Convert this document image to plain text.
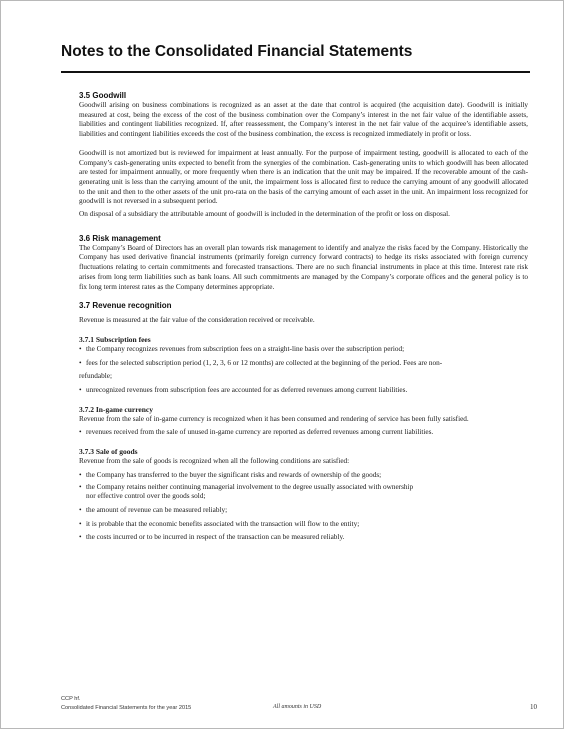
Notes to the Consolidated Financial Statements

3.5 Goodwill

Goodwill arising on business combinations is recognized as an asset at the date that control is acquired (the acquisition date). Goodwill is initially measured at cost, being the excess of the cost of the business combination over the Company’s interest in the net fair value of the identifiable assets, liabilities and contingent liabilities recognized. If, after reassessment, the Company’s interest in the net fair value of the acquiree’s identifiable assets, liabilities and contingent liabilities exceeds the cost of the business combination, the excess is recognized immediately in profit or loss.

Goodwill is not amortized but is reviewed for impairment at least annually. For the purpose of impairment testing, goodwill is allocated to each of the Company’s cash-generating units expected to benefit from the synergies of the combination. Cash-generating units to which goodwill has been allocated are tested for impairment annually, or more frequently when there is an indication that the unit may be impaired. If the recoverable amount of the cash-generating unit is less than the carrying amount of the unit, the impairment loss is allocated first to reduce the carrying amount of any goodwill allocated to the unit and then to the other assets of the unit pro-rata on the basis of the carrying amount of each asset in the unit. An impairment loss recognized for goodwill is not reversed in a subsequent period.

On disposal of a subsidiary the attributable amount of goodwill is included in the determination of the profit or loss on disposal.

3.6 Risk management

The Company’s Board of Directors has an overall plan towards risk management to identify and analyze the risks faced by the Company. Historically the Company has used derivative financial instruments (primarily foreign currency forward contracts) to hedge its risks associated with foreign currency fluctuations relating to certain commitments and forecasted transactions. There are no such financial instruments in place at this time. Interest rate risk arises from long term liabilities such as bank loans. All such commitments are managed by the Company’s corporate offices and the general policy is to fix long term interest rates as the Company determines appropriate.

3.7 Revenue recognition

Revenue is measured at the fair value of the consideration received or receivable.

3.7.1 Subscription fees

• the Company recognizes revenues from subscription fees on a straight-line basis over the subscription period;

• fees for the selected subscription period (1, 2, 3, 6 or 12 months) are collected at the beginning of the period. Fees are non-
refundable;

• unrecognized revenues from subscription fees are accounted for as deferred revenues among current liabilities.

3.7.2 In-game currency

Revenue from the sale of in-game currency is recognized when it has been consumed and rendering of service has been fully satisfied.

• revenues received from the sale of unused in-game currency are reported as deferred revenues among current liabilities.

3.7.3 Sale of goods

Revenue from the sale of goods is recognized when all the following conditions are satisfied:

• the Company has transferred to the buyer the significant risks and rewards of ownership of the goods;

• the Company retains neither continuing managerial involvement to the degree usually associated with ownership
nor effective control over the goods sold;

• the amount of revenue can be measured reliably;

• it is probable that the economic benefits associated with the transaction will flow to the entity;

• the costs incurred or to be incurred in respect of the transaction can be measured reliably.

CCP hf.
Consolidated Financial Statements for the year 2015	All amounts in USD	10
